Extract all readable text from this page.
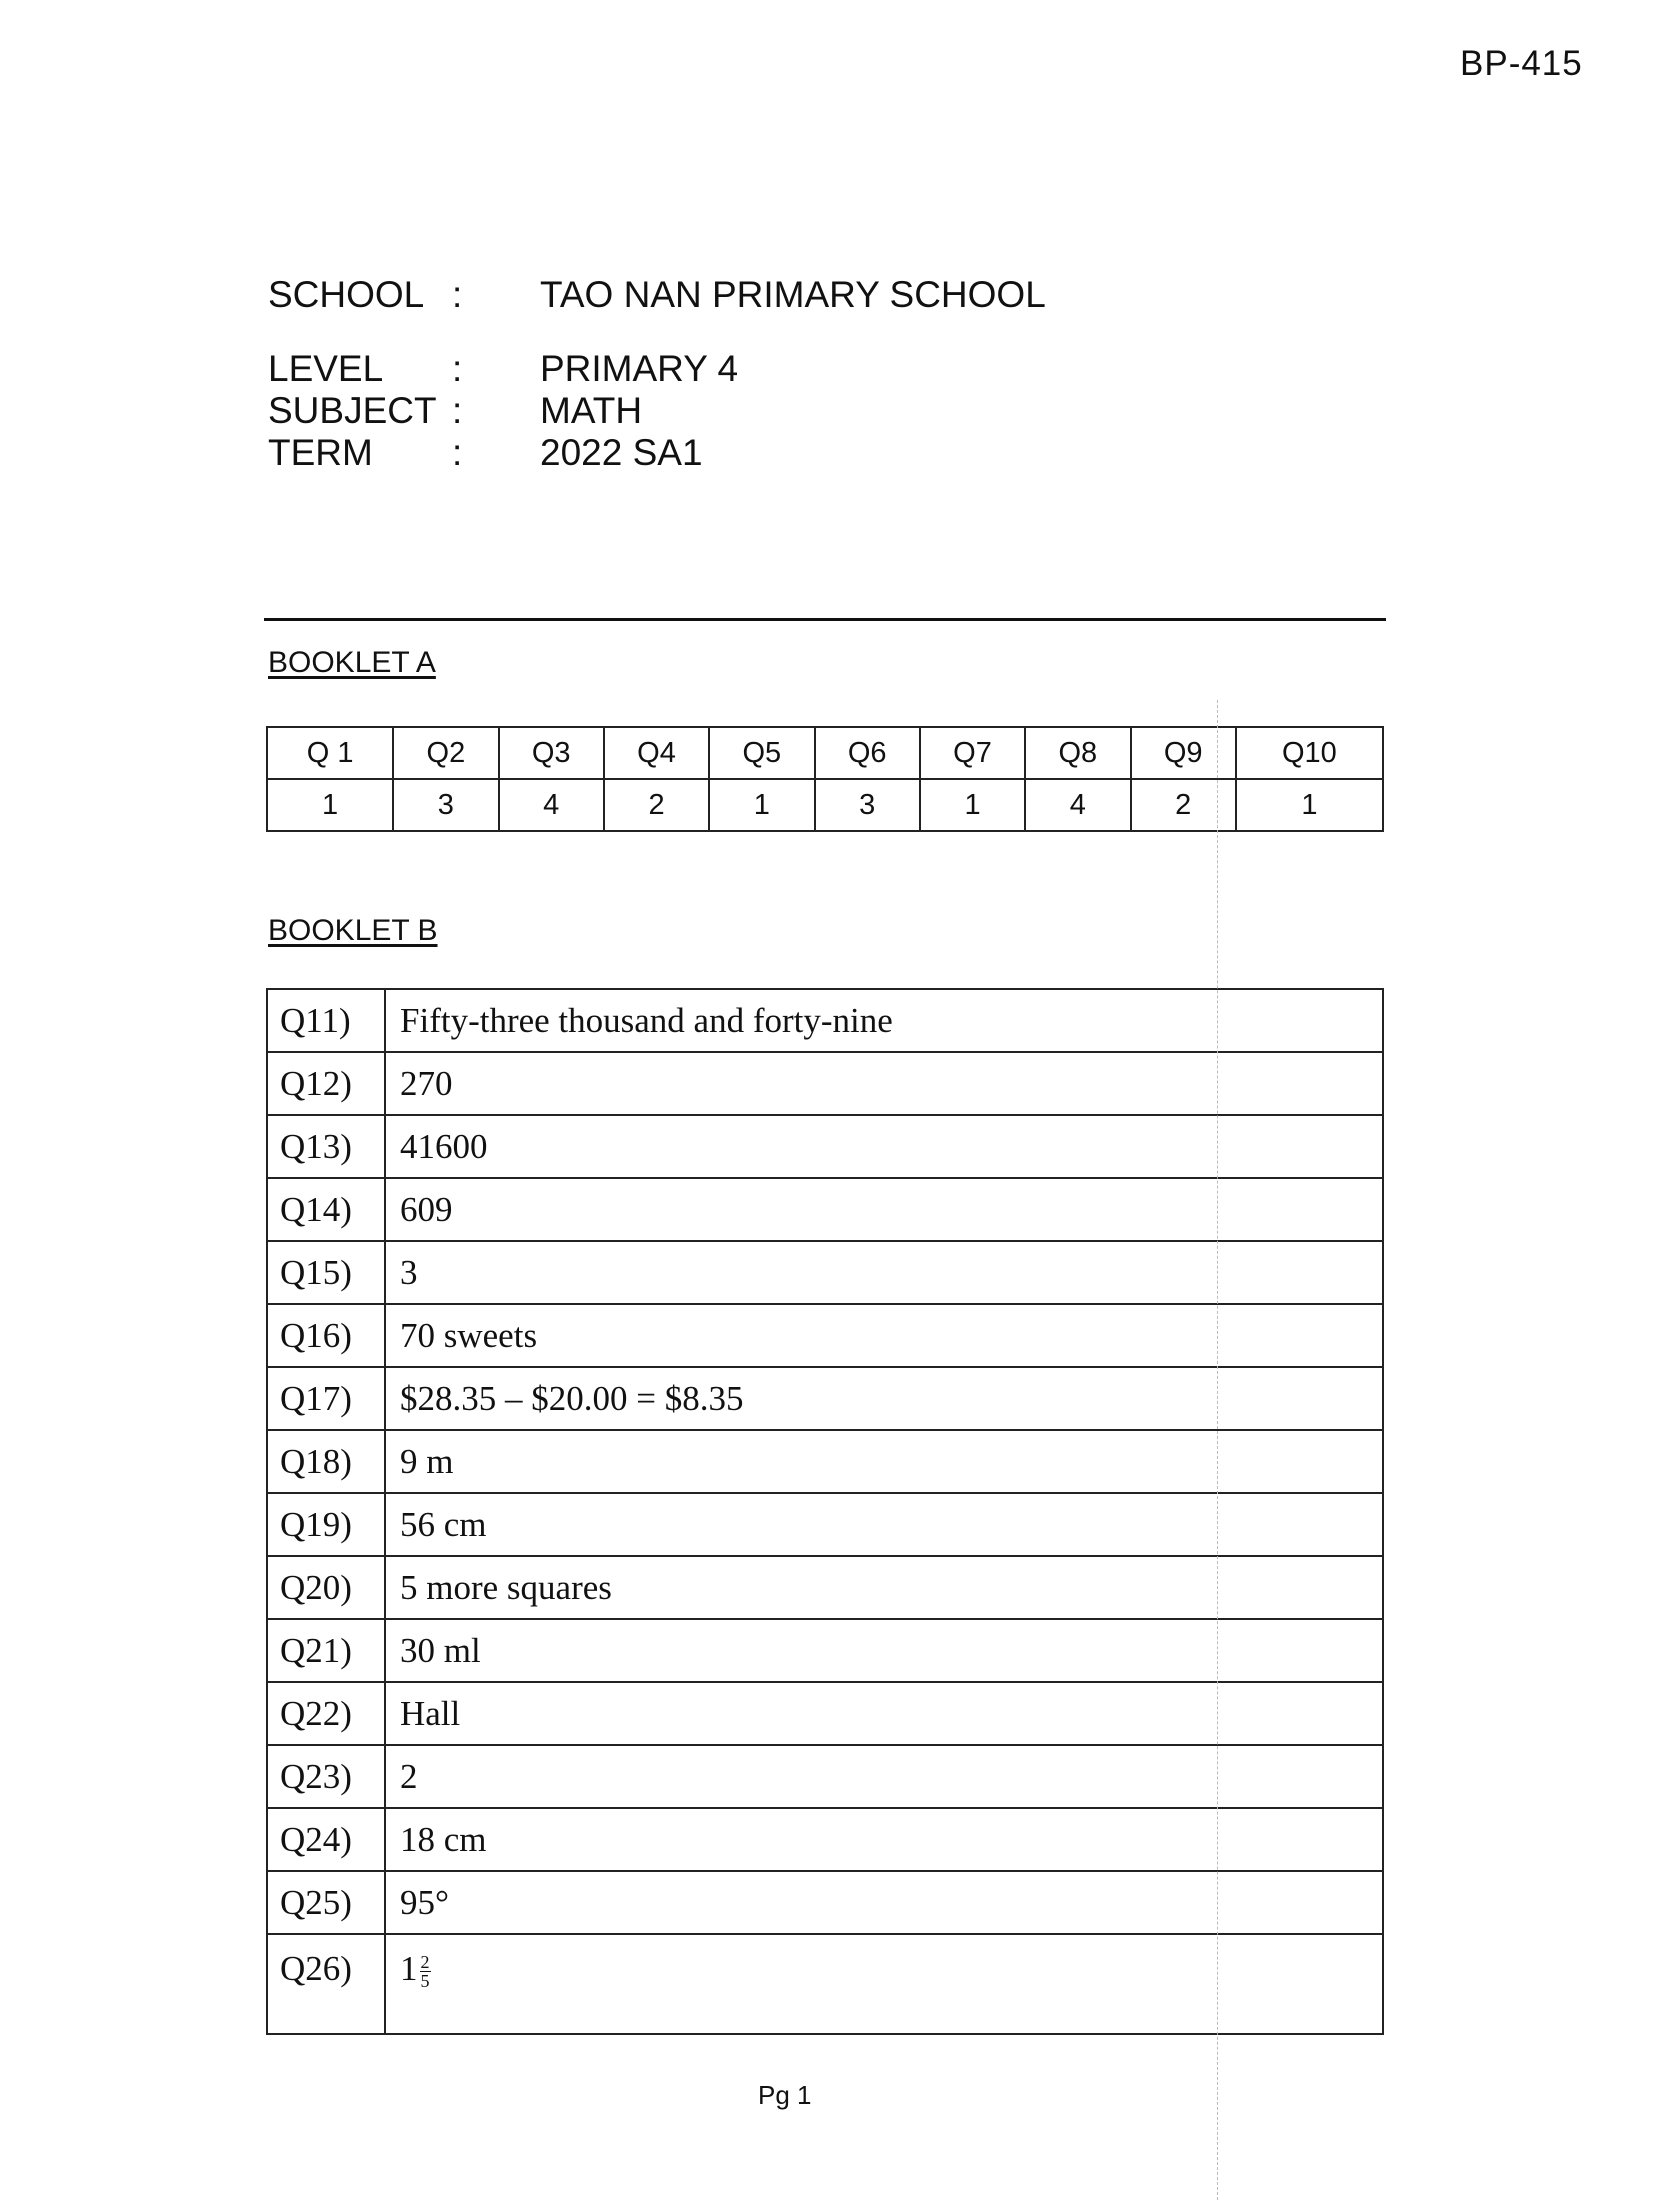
BP-415
SCHOOL : TAO NAN PRIMARY SCHOOL
LEVEL	: PRIMARY 4
SUBJECT : MATH
TERM	: 2022 SA1
BOOKLET A
Q 1	Q2	Q3	Q4	Q5	Q6	Q7	Q8	Q9	Q10
1	3	4	2	1	3	1	4	2	1
BOOKLET B
Q11)	Fifty-three thousand and forty-nine
Q12)	270
Q13)	41600
Q14)	609
Q15)	3
Q16)	70 sweets
Q17)	$28.35 – $20.00 = $8.35
Q18)	9 m
Q19)	56 cm
Q20)	5 more squares
Q21)	30 ml
Q22)	Hall
Q23)	2
Q24)	18 cm
Q25)	95°
Q26)	$1 \frac{2}{5}$
Pg 1
